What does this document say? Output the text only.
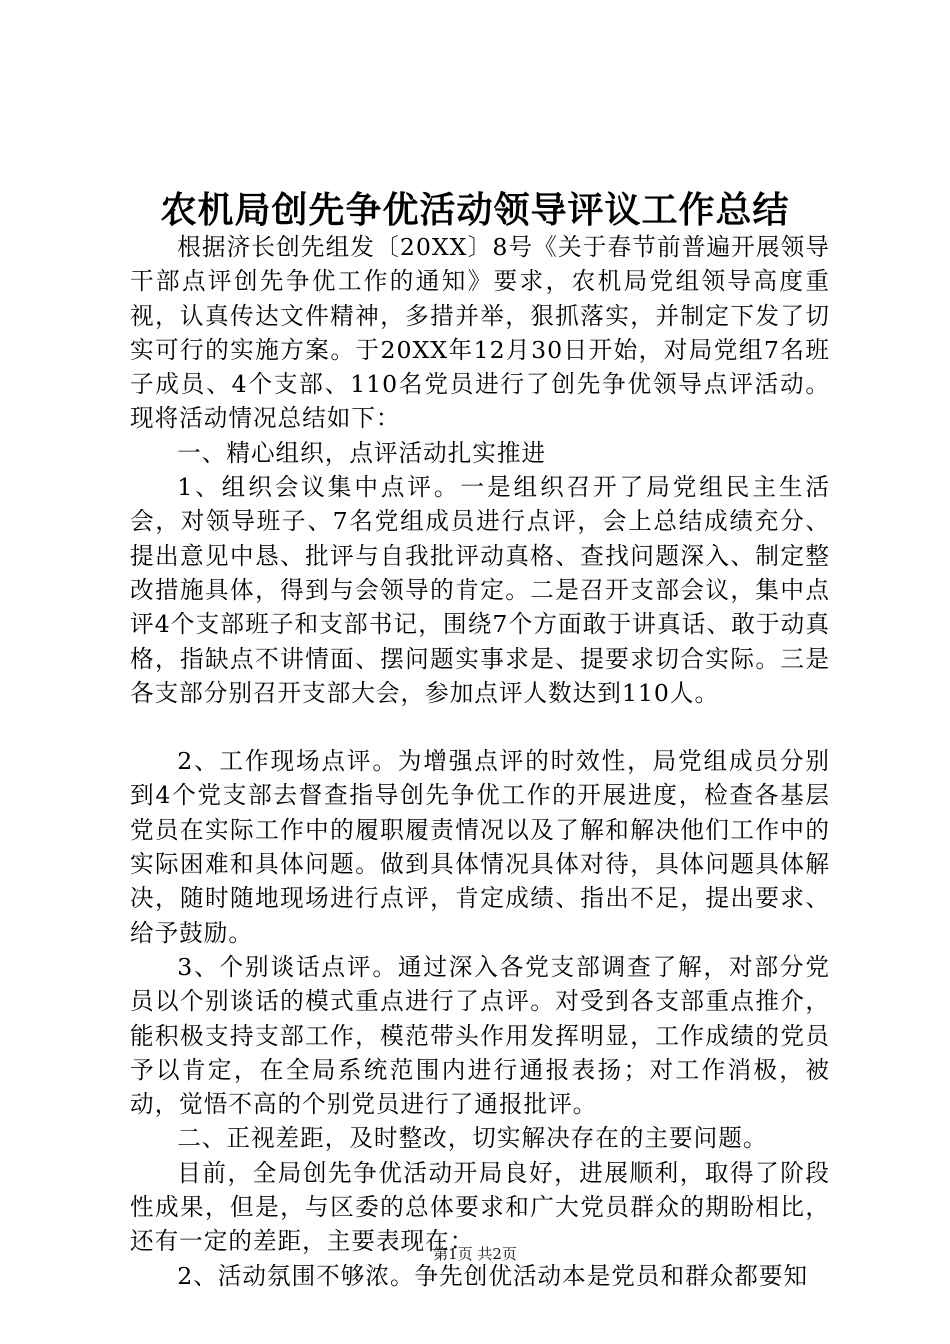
农机局创先争优活动领导评议工作总结

根据济长创先组发〔20XX〕8号《关于春节前普遍开展领导干部点评创先争优工作的通知》要求，农机局党组领导高度重视，认真传达文件精神，多措并举，狠抓落实，并制定下发了切实可行的实施方案。于20XX年12月30日开始，对局党组7名班子成员、4个支部、110名党员进行了创先争优领导点评活动。现将活动情况总结如下：

一、精心组织，点评活动扎实推进

1、组织会议集中点评。一是组织召开了局党组民主生活会，对领导班子、7名党组成员进行点评，会上总结成绩充分、提出意见中恳、批评与自我批评动真格、查找问题深入、制定整改措施具体，得到与会领导的肯定。二是召开支部会议，集中点评4个支部班子和支部书记，围绕7个方面敢于讲真话、敢于动真格，指缺点不讲情面、摆问题实事求是、提要求切合实际。三是各支部分别召开支部大会，参加点评人数达到110人。

2、工作现场点评。为增强点评的时效性，局党组成员分别到4个党支部去督查指导创先争优工作的开展进度，检查各基层党员在实际工作中的履职履责情况以及了解和解决他们工作中的实际困难和具体问题。做到具体情况具体对待，具体问题具体解决，随时随地现场进行点评，肯定成绩、指出不足，提出要求、给予鼓励。

3、个别谈话点评。通过深入各党支部调查了解，对部分党员以个别谈话的模式重点进行了点评。对受到各支部重点推介，能积极支持支部工作，模范带头作用发挥明显，工作成绩的党员予以肯定，在全局系统范围内进行通报表扬；对工作消极，被动，觉悟不高的个别党员进行了通报批评。

二、正视差距，及时整改，切实解决存在的主要问题。

目前，全局创先争优活动开局良好，进展顺利，取得了阶段性成果，但是，与区委的总体要求和广大党员群众的期盼相比，还有一定的差距，主要表现在：

2、活动氛围不够浓。争先创优活动本是党员和群众都要知

第1页 共2页
